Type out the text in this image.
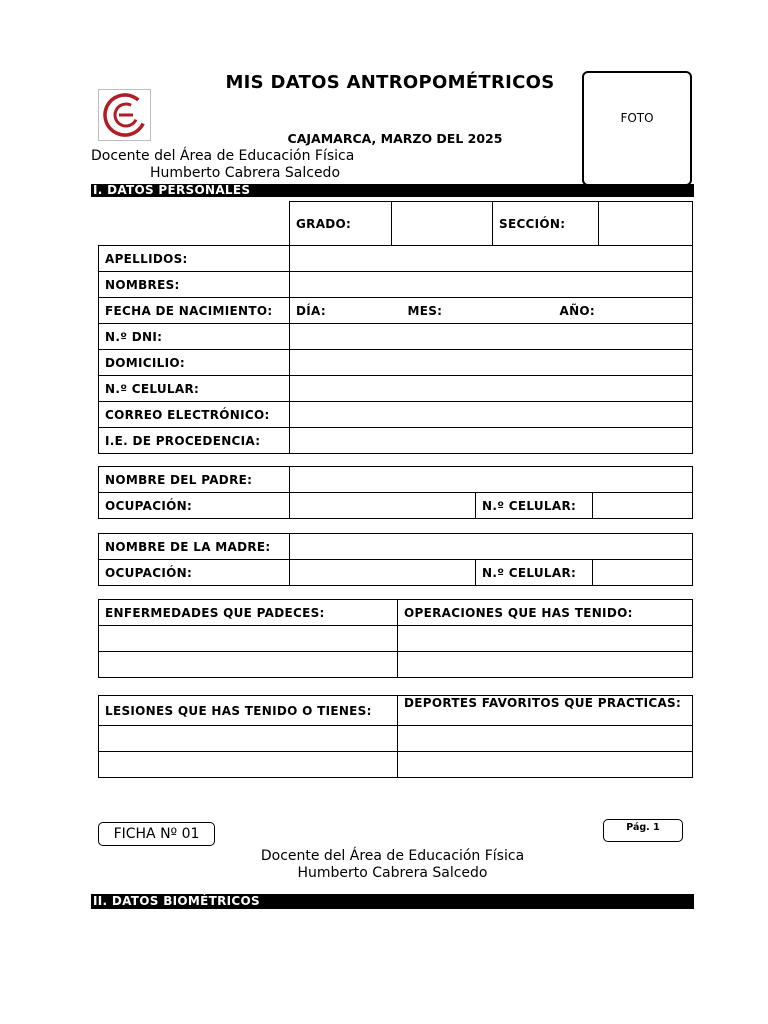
MIS DATOS ANTROPOMÉTRICOS
FOTO
CAJAMARCA, MARZO DEL 2025
Docente del Área de Educación Física
Humberto Cabrera Salcedo
I. DATOS PERSONALES
GRADO:		SECCIÓN:	
APELLIDOS:			
NOMBRES:			
FECHA DE NACIMIENTO:	DÍA:	MES:	AÑO:
N.º DNI:			
DOMICILIO:			
N.º CELULAR:			
CORREO ELECTRÓNICO:			
I.E. DE PROCEDENCIA:			
NOMBRE DEL PADRE:			
OCUPACIÓN:		N.º CELULAR:	
NOMBRE DE LA MADRE:			
OCUPACIÓN:		N.º CELULAR:	
ENFERMEDADES QUE PADECES:	OPERACIONES QUE HAS TENIDO:

LESIONES QUE HAS TENIDO O TIENES:	DEPORTES FAVORITOS QUE PRACTICAS:

FICHA Nº 01	Pág. 1
Docente del Área de Educación Física
Humberto Cabrera Salcedo
II. DATOS BIOMÉTRICOS
